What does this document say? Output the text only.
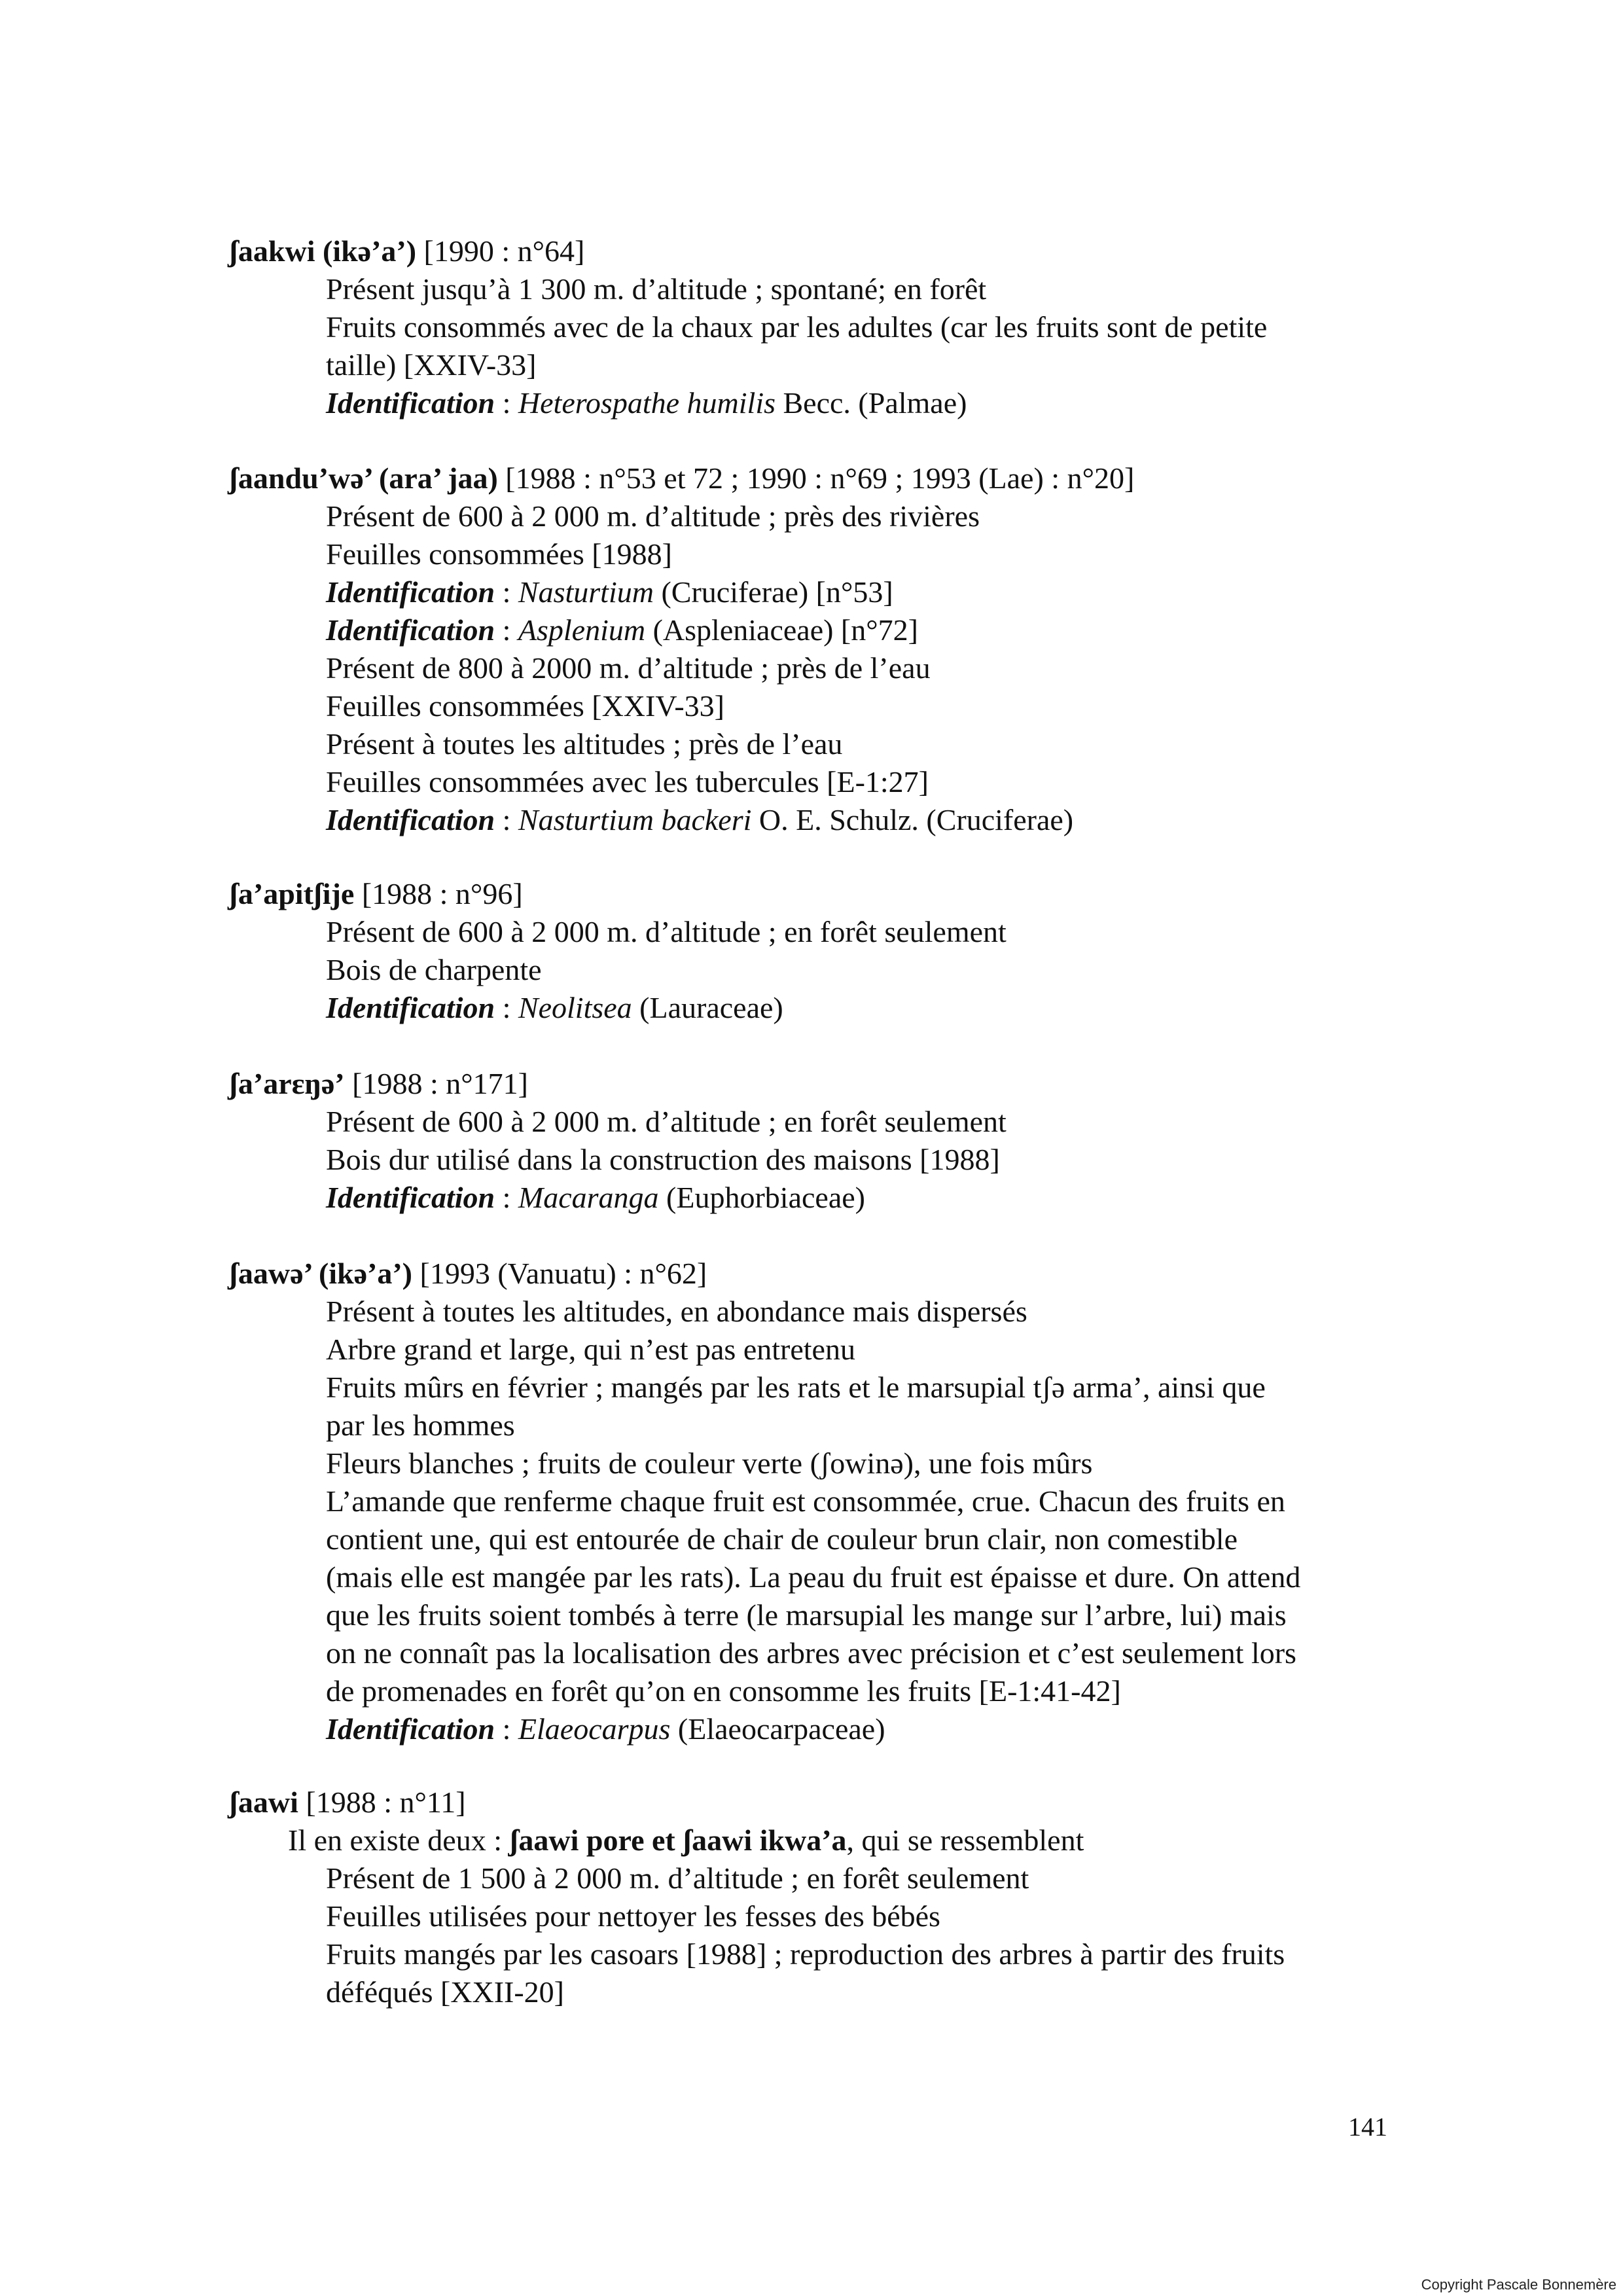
ʃaakwi (ikə’a’) [1990 : n°64]
Présent jusqu’à 1 300 m. d’altitude ; spontané; en forêt
Fruits consommés avec de la chaux par les adultes (car les fruits sont de petite
taille) [XXIV-33]
Identification : Heterospathe humilis Becc. (Palmae)
ʃaandu’wə’ (ara’ jaa) [1988 : n°53 et 72 ; 1990 : n°69 ; 1993 (Lae) : n°20]
Présent de 600 à 2 000 m. d’altitude ; près des rivières
Feuilles consommées [1988]
Identification : Nasturtium (Cruciferae) [n°53]
Identification : Asplenium (Aspleniaceae) [n°72]
Présent de 800 à 2000 m. d’altitude ; près de l’eau
Feuilles consommées [XXIV-33]
Présent à toutes les altitudes ; près de l’eau
Feuilles consommées avec les tubercules [E-1:27]
Identification : Nasturtium backeri O. E. Schulz. (Cruciferae)
ʃa’apitʃije [1988 : n°96]
Présent de 600 à 2 000 m. d’altitude ; en forêt seulement
Bois de charpente
Identification : Neolitsea (Lauraceae)
ʃa’arɛŋə’ [1988 : n°171]
Présent de 600 à 2 000 m. d’altitude ; en forêt seulement
Bois dur utilisé dans la construction des maisons [1988]
Identification : Macaranga (Euphorbiaceae)
ʃaawə’ (ikə’a’) [1993 (Vanuatu) : n°62]
Présent à toutes les altitudes, en abondance mais dispersés
Arbre grand et large, qui n’est pas entretenu
Fruits mûrs en février ; mangés par les rats et le marsupial tʃə arma’, ainsi que
par les hommes
Fleurs blanches ; fruits de couleur verte (ʃowinə), une fois mûrs
L’amande que renferme chaque fruit est consommée, crue. Chacun des fruits en
contient une, qui est entourée de chair de couleur brun clair, non comestible
(mais elle est mangée par les rats). La peau du fruit est épaisse et dure. On attend
que les fruits soient tombés à terre (le marsupial les mange sur l’arbre, lui) mais
on ne connaît pas la localisation des arbres avec précision et c’est seulement lors
de promenades en forêt qu’on en consomme les fruits [E-1:41-42]
Identification : Elaeocarpus (Elaeocarpaceae)
ʃaawi [1988 : n°11]
Il en existe deux : ʃaawi pore et ʃaawi ikwa’a, qui se ressemblent
Présent de 1 500 à 2 000 m. d’altitude ; en forêt seulement
Feuilles utilisées pour nettoyer les fesses des bébés
Fruits mangés par les casoars [1988] ; reproduction des arbres à partir des fruits
déféqués [XXII-20]
141
Copyright Pascale Bonnemère
